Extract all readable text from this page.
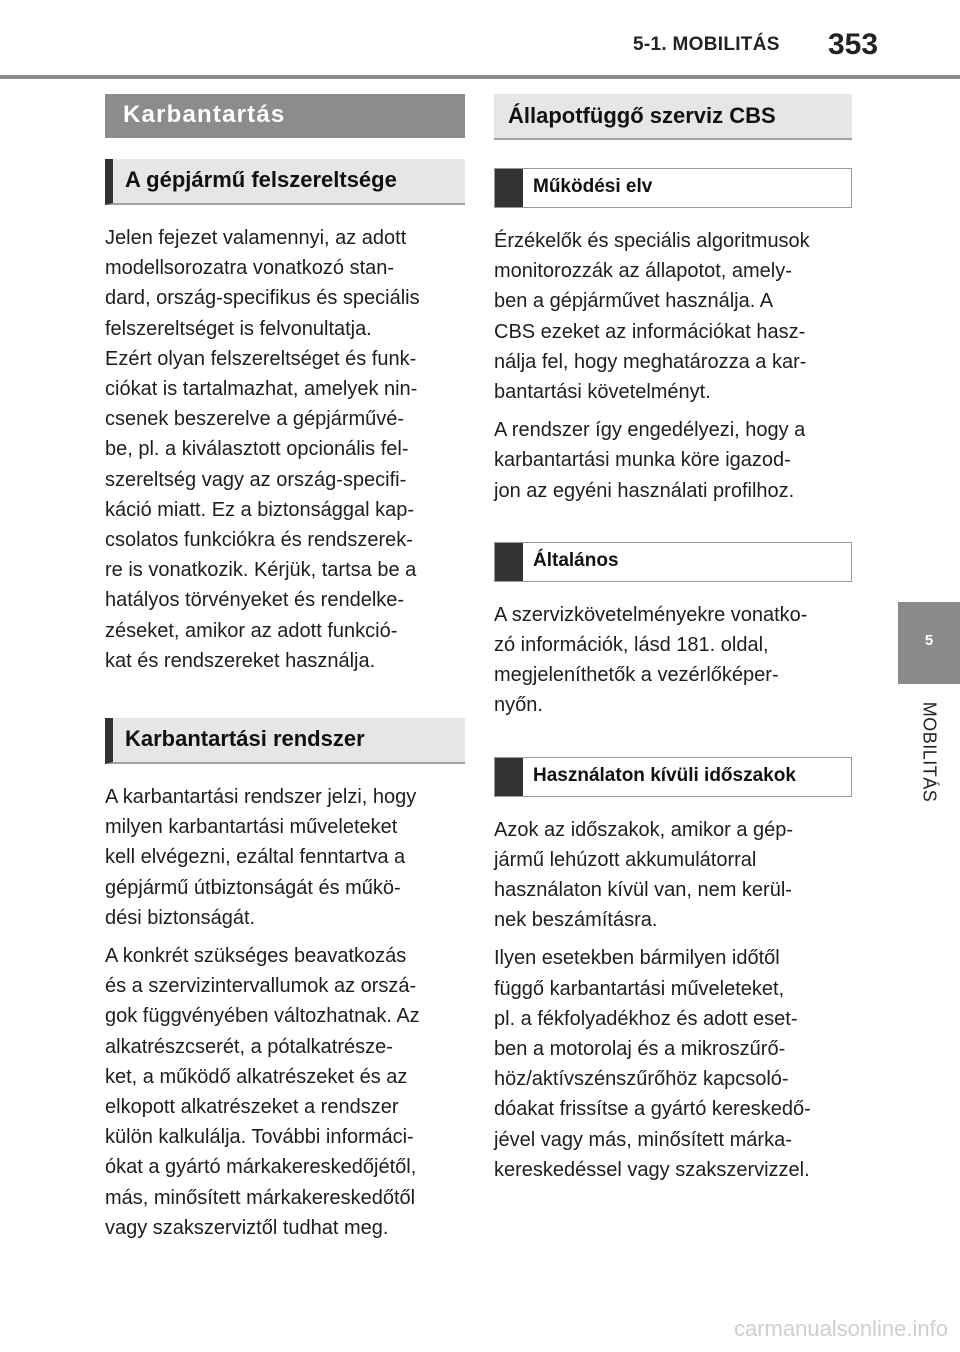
5-1. MOBILITÁS 353
5
MOBILITÁS
Karbantartás
A gépjármű felszereltsége

Jelen fejezet valamennyi, az adott
modellsorozatra vonatkozó stan-
dard, ország-specifikus és speciális
felszereltséget is felvonultatja.
Ezért olyan felszereltséget és funk-
ciókat is tartalmazhat, amelyek nin-
csenek beszerelve a gépjárművé-
be, pl. a kiválasztott opcionális fel-
szereltség vagy az ország-specifi-
káció miatt. Ez a biztonsággal kap-
csolatos funkciókra és rendszerek-
re is vonatkozik. Kérjük, tartsa be a
hatályos törvényeket és rendelke-
zéseket, amikor az adott funkció-
kat és rendszereket használja.

Karbantartási rendszer

A karbantartási rendszer jelzi, hogy
milyen karbantartási műveleteket
kell elvégezni, ezáltal fenntartva a
gépjármű útbiztonságát és műkö-
dési biztonságát.

A konkrét szükséges beavatkozás
és a szervizintervallumok az orszá-
gok függvényében változhatnak. Az
alkatrészcserét, a pótalkatrésze-
ket, a működő alkatrészeket és az
elkopott alkatrészeket a rendszer
külön kalkulálja. További informáci-
ókat a gyártó márkakereskedőjétől,
más, minősített márkakereskedőtől
vagy szakszerviztől tudhat meg.

Állapotfüggő szerviz CBS
Működési elv

Érzékelők és speciális algoritmusok
monitorozzák az állapotot, amely-
ben a gépjárművet használja. A
CBS ezeket az információkat hasz-
nálja fel, hogy meghatározza a kar-
bantartási követelményt.

A rendszer így engedélyezi, hogy a
karbantartási munka köre igazod-
jon az egyéni használati profilhoz.

Általános

A szervizkövetelményekre vonatko-
zó információk, lásd 181. oldal,
megjeleníthetők a vezérlőképer-
nyőn.

Használaton kívüli időszakok

Azok az időszakok, amikor a gép-
jármű lehúzott akkumulátorral
használaton kívül van, nem kerül-
nek beszámításra.

Ilyen esetekben bármilyen időtől
függő karbantartási műveleteket,
pl. a fékfolyadékhoz és adott eset-
ben a motorolaj és a mikroszűrő-
höz/aktívszénszűrőhöz kapcsoló-
dóakat frissítse a gyártó kereskedő-
jével vagy más, minősített márka-
kereskedéssel vagy szakszervizzel.

carmanualsonline.info
